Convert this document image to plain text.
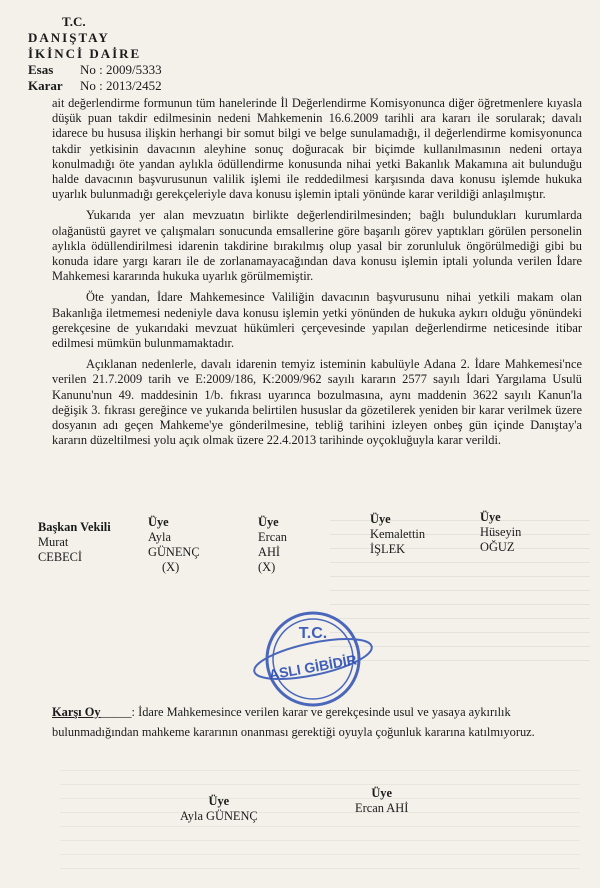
T.C.
DANIŞTAY
İKİNCİ DAİRE
Esas No : 2009/5333
Karar No : 2013/2452

ait değerlendirme formunun tüm hanelerinde İl Değerlendirme Komisyonunca diğer öğretmenlere kıyasla düşük puan takdir edilmesinin nedeni Mahkemenin 16.6.2009 tarihli ara kararı ile sorularak; davalı idarece bu hususa ilişkin herhangi bir somut bilgi ve belge sunulamadığı, il değerlendirme komisyonunca takdir yetkisinin davacının aleyhine sonuç doğuracak bir biçimde kullanılmasının nedeni ortaya konulmadığı öte yandan aylıkla ödüllendirme konusunda nihai yetki Bakanlık Makamına ait bulunduğu halde davacının başvurusunun valilik işlemi ile reddedilmesi karşısında dava konusu işlemde hukuka uyarlık bulunmadığı gerekçeleriyle dava konusu işlemin iptali yönünde karar verildiği anlaşılmıştır.

Yukarıda yer alan mevzuatın birlikte değerlendirilmesinden; bağlı bulundukları kurumlarda olağanüstü gayret ve çalışmaları sonucunda emsallerine göre başarılı görev yaptıkları görülen personelin aylıkla ödüllendirilmesi idarenin takdirine bırakılmış olup yasal bir zorunluluk öngörülmediği gibi bu konuda idare yargı kararı ile de zorlanamayacağından dava konusu işlemin iptali yolunda verilen İdare Mahkemesi kararında hukuka uyarlık görülmemiştir.

Öte yandan, İdare Mahkemesince Valiliğin davacının başvurusunu nihai yetkili makam olan Bakanlığa iletmemesi nedeniyle dava konusu işlemin yetki yönünden de hukuka aykırı olduğu yönündeki gerekçesine de yukarıdaki mevzuat hükümleri çerçevesinde yapılan değerlendirme neticesinde itibar edilmesi mümkün bulunmamaktadır.

Açıklanan nedenlerle, davalı idarenin temyiz isteminin kabulüyle Adana 2. İdare Mahkemesi'nce verilen 21.7.2009 tarih ve E:2009/186, K:2009/962 sayılı kararın 2577 sayılı İdari Yargılama Usulü Kanunu'nun 49. maddesinin 1/b. fıkrası uyarınca bozulmasına, aynı maddenin 3622 sayılı Kanun'la değişik 3. fıkrası gereğince ve yukarıda belirtilen hususlar da gözetilerek yeniden bir karar verilmek üzere dosyanın adı geçen Mahkeme'ye gönderilmesine, tebliğ tarihini izleyen onbeş gün içinde Danıştay'a kararın düzeltilmesi yolu açık olmak üzere 22.4.2013 tarihinde oyçokluğuyla karar verildi.

Başkan Vekili
Murat
CEBECİ
Üye
Ayla
GÜNENÇ
(X)
Üye
Ercan
AHİ
(X)
Üye
Kemalettin
İŞLEK
Üye
Hüseyin
OĞUZ
T.C.
ASLI GİBİDİR
Karşı Oy_____: İdare Mahkemesince verilen karar ve gerekçesinde usul ve yasaya aykırılık bulunmadığından mahkeme kararının onanması gerektiği oyuyla çoğunluk kararına katılmıyoruz.
Üye
Ayla GÜNENÇ
Üye
Ercan AHİ
